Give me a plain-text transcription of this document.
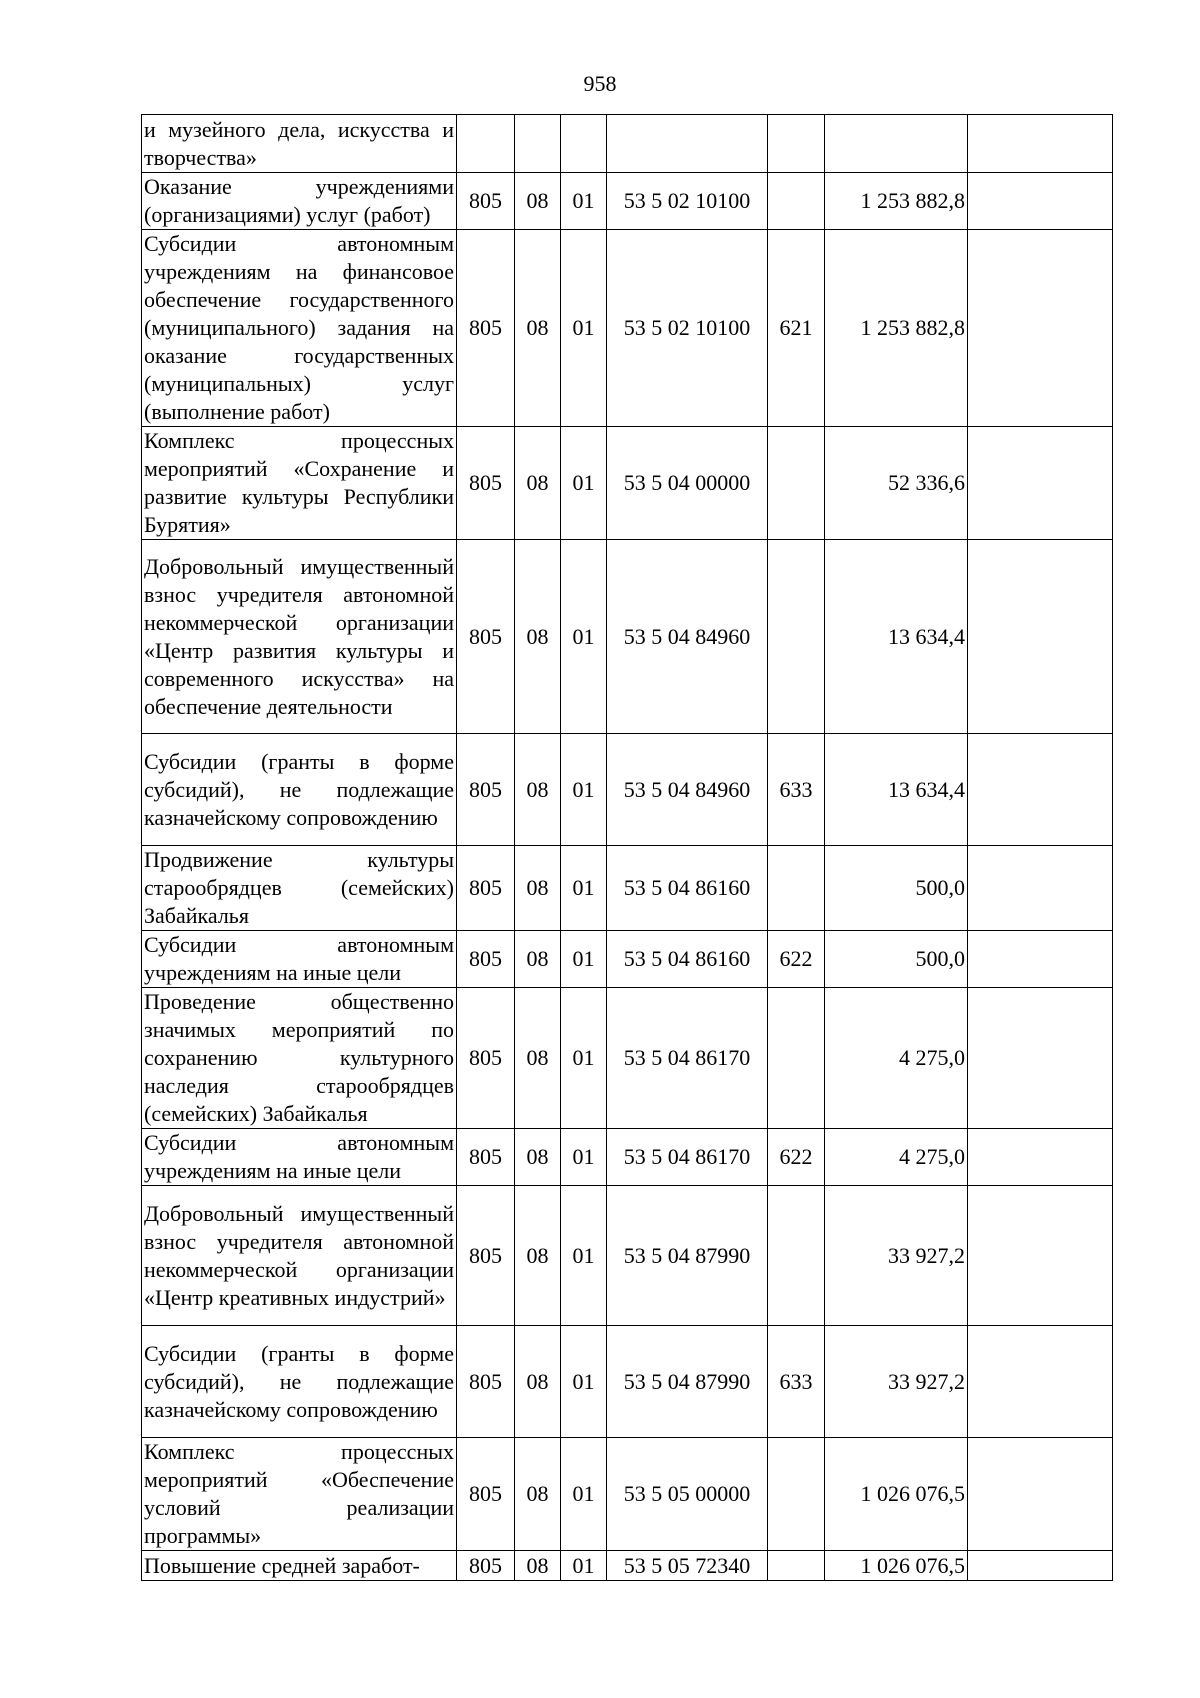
958
и музейного дела, искусства и творчества»							
Оказание учреждениями (организациями) услуг (работ)	805	08	01	53 5 02 10100		1 253 882,8	
Субсидии автономным учреждениям на финансовое обеспечение государственного (муниципального) задания на оказание государственных (муниципальных) услуг (выполнение работ)	805	08	01	53 5 02 10100	621	1 253 882,8	
Комплекс процессных мероприятий «Сохранение и развитие культуры Республики Бурятия»	805	08	01	53 5 04 00000		52 336,6	
Добровольный имущественный взнос учредителя автономной некоммерческой организации «Центр развития культуры и современного искусства» на обеспечение деятельности	805	08	01	53 5 04 84960		13 634,4	
Субсидии (гранты в форме субсидий), не подлежащие казначейскому сопровождению	805	08	01	53 5 04 84960	633	13 634,4	
Продвижение культуры старообрядцев (семейских) Забайкалья	805	08	01	53 5 04 86160		500,0	
Субсидии автономным учреждениям на иные цели	805	08	01	53 5 04 86160	622	500,0	
Проведение общественно значимых мероприятий по сохранению культурного наследия старообрядцев (семейских) Забайкалья	805	08	01	53 5 04 86170		4 275,0	
Субсидии автономным учреждениям на иные цели	805	08	01	53 5 04 86170	622	4 275,0	
Добровольный имущественный взнос учредителя автономной некоммерческой организации «Центр креативных индустрий»	805	08	01	53 5 04 87990		33 927,2	
Субсидии (гранты в форме субсидий), не подлежащие казначейскому сопровождению	805	08	01	53 5 04 87990	633	33 927,2	
Комплекс процессных мероприятий «Обеспечение условий реализации программы»	805	08	01	53 5 05 00000		1 026 076,5	
Повышение средней заработ-	805	08	01	53 5 05 72340		1 026 076,5	
